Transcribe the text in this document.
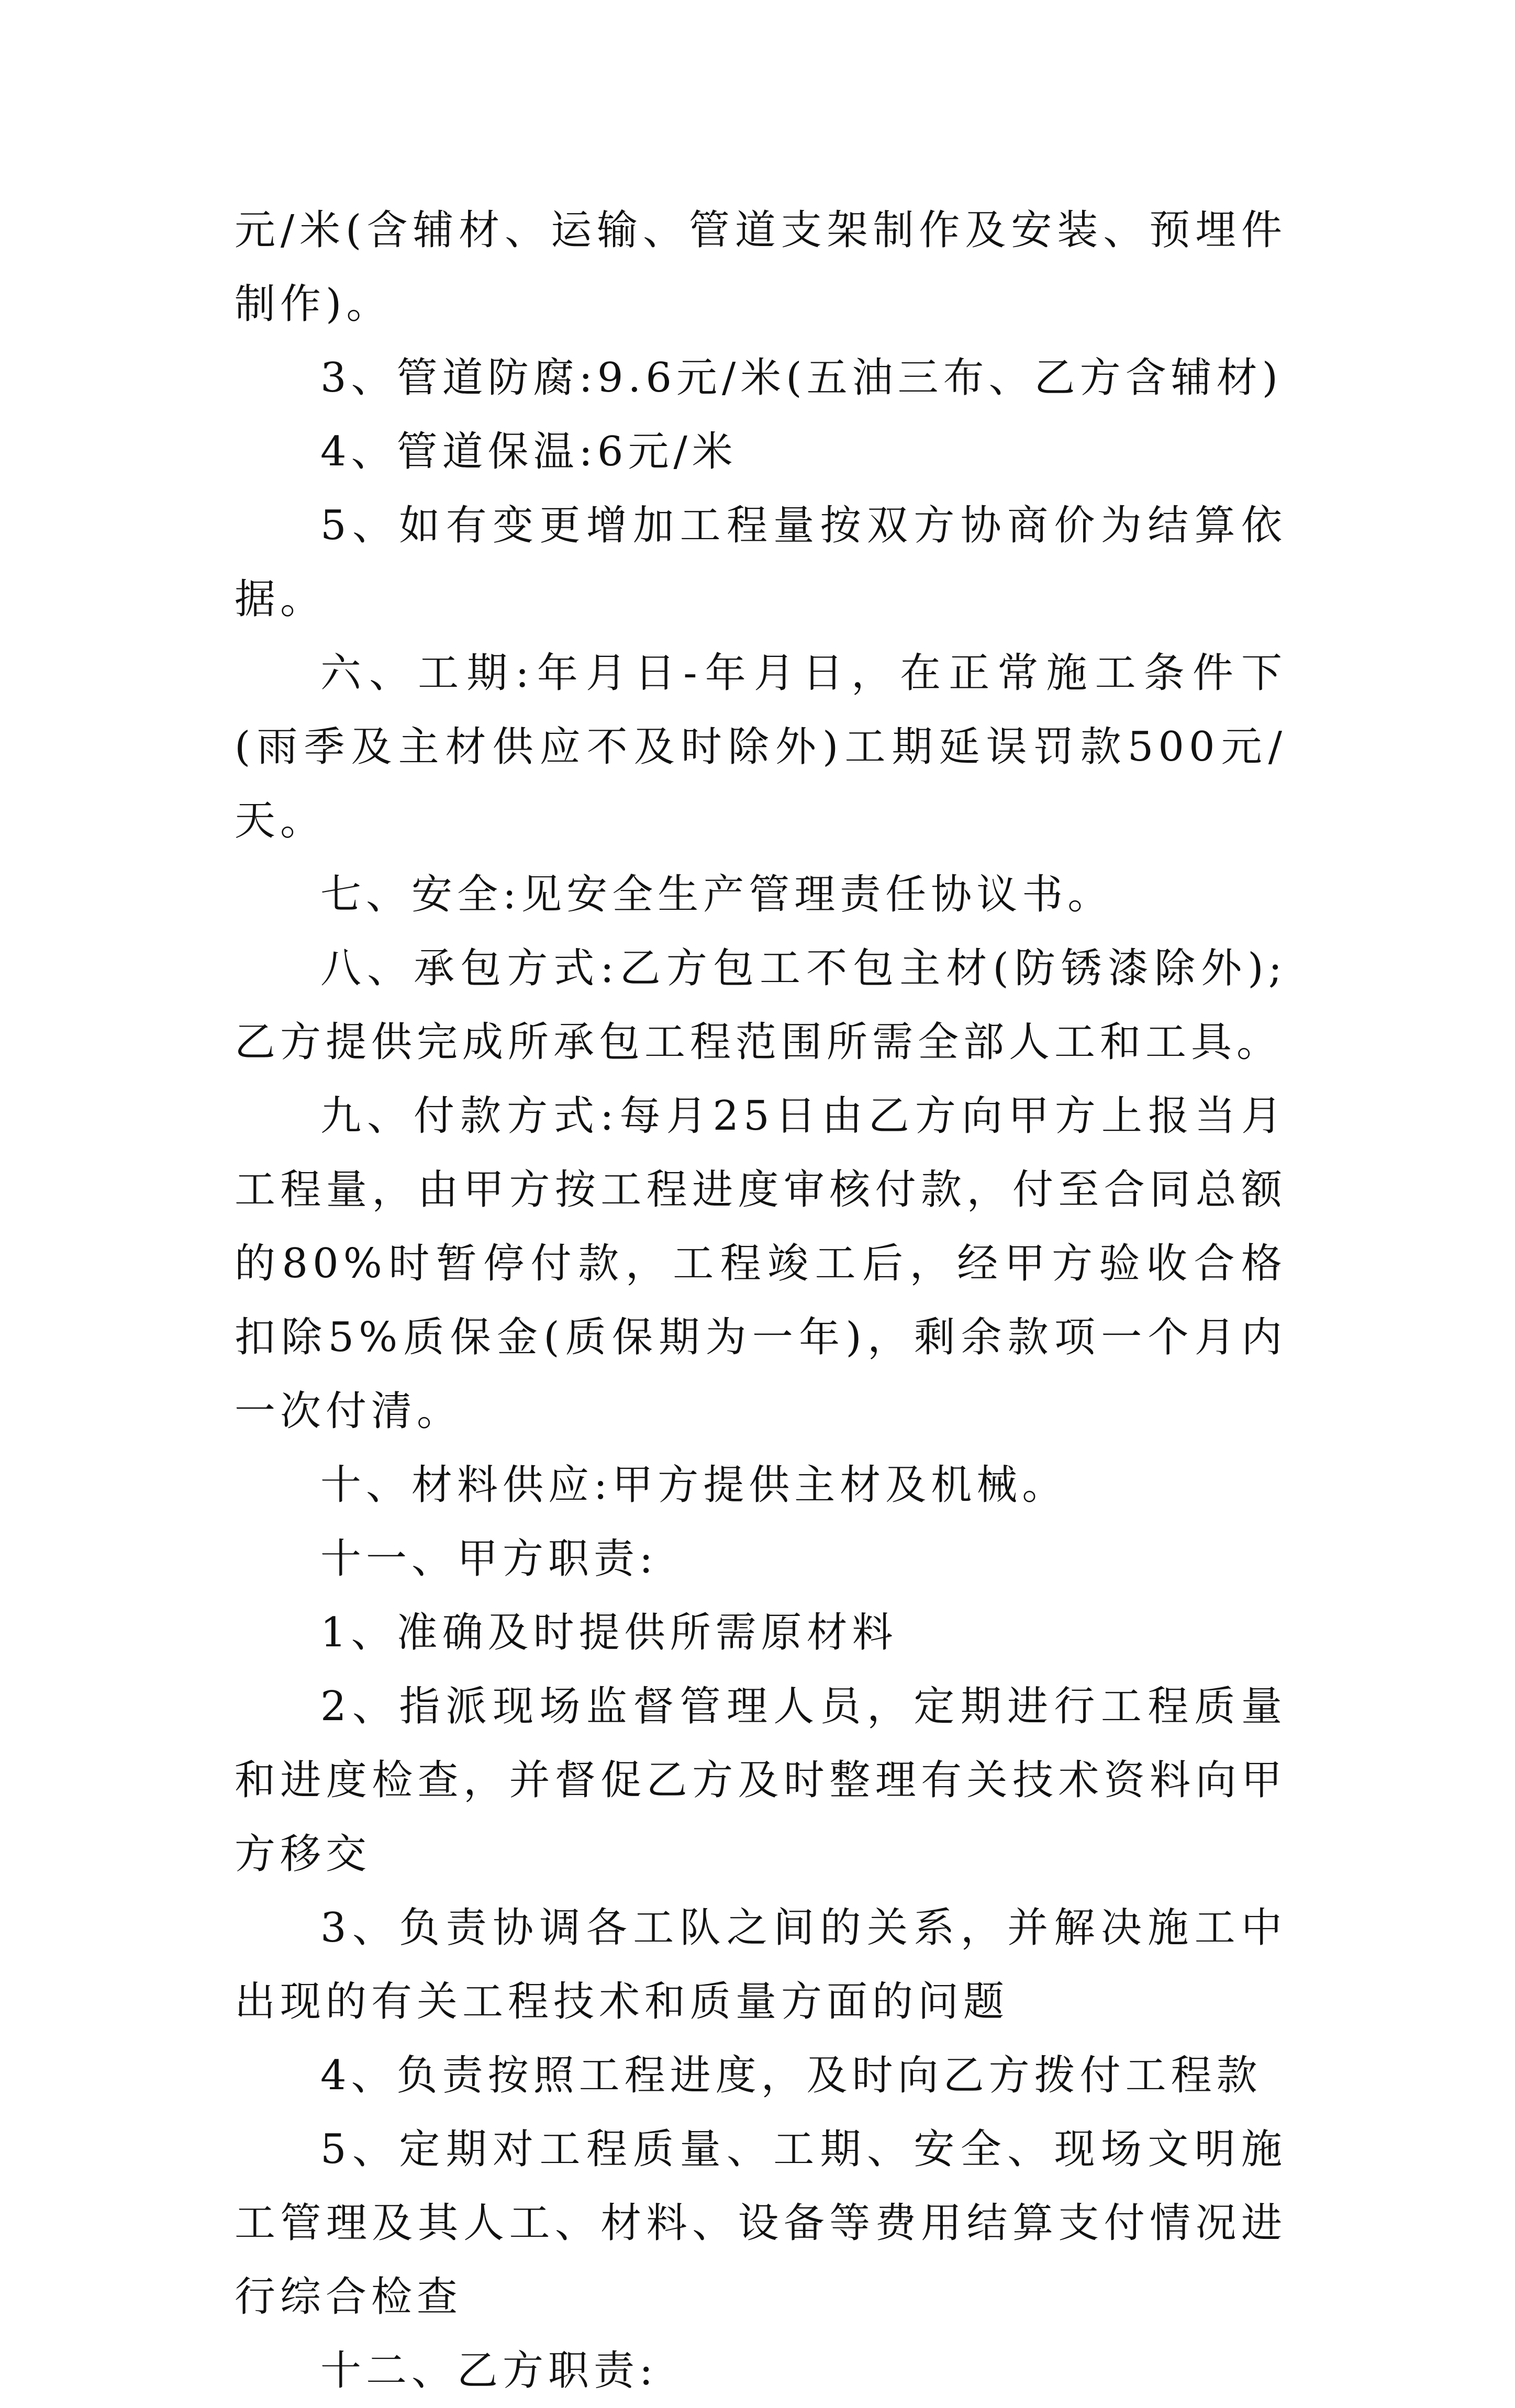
元/米(含辅材、运输、管道支架制作及安装、预埋件制作)。

3、管道防腐:9.6元/米(五油三布、乙方含辅材)

4、管道保温:6元/米

5、如有变更增加工程量按双方协商价为结算依据。

六、工期:年月日-年月日，在正常施工条件下(雨季及主材供应不及时除外)工期延误罚款500元/天。

七、安全:见安全生产管理责任协议书。

八、承包方式:乙方包工不包主材(防锈漆除外);乙方提供完成所承包工程范围所需全部人工和工具。

九、付款方式:每月25日由乙方向甲方上报当月工程量，由甲方按工程进度审核付款，付至合同总额的80%时暂停付款，工程竣工后，经甲方验收合格扣除5%质保金(质保期为一年)，剩余款项一个月内一次付清。

十、材料供应:甲方提供主材及机械。

十一、甲方职责:

1、准确及时提供所需原材料

2、指派现场监督管理人员，定期进行工程质量和进度检查，并督促乙方及时整理有关技术资料向甲方移交

3、负责协调各工队之间的关系，并解决施工中出现的有关工程技术和质量方面的问题

4、负责按照工程进度，及时向乙方拨付工程款

5、定期对工程质量、工期、安全、现场文明施工管理及其人工、材料、设备等费用结算支付情况进行综合检查

十二、乙方职责:
